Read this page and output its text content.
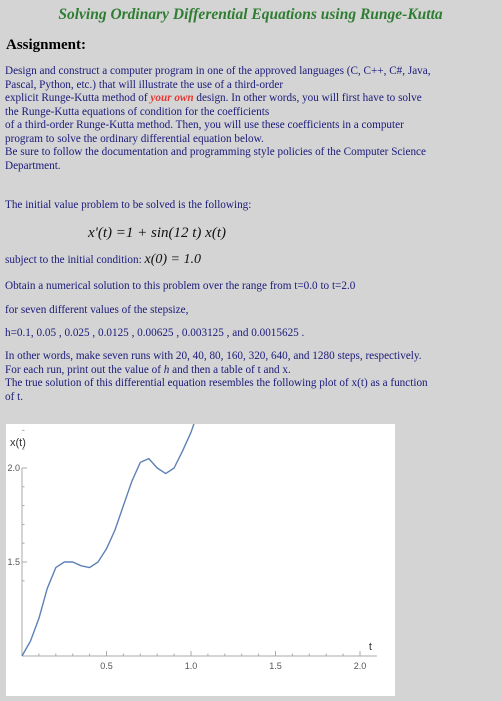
Solving Ordinary Differential Equations using Runge-Kutta
Assignment:
Design and construct a computer program in one of the approved languages (C, C++, C#, Java,
Pascal, Python, etc.) that will illustrate the use of a third-order
explicit Runge-Kutta method of your own design. In other words, you will first have to solve
the Runge-Kutta equations of condition for the coefficients
of a third-order Runge-Kutta method. Then, you will use these coefficients in a computer
program to solve the ordinary differential equation below.
Be sure to follow the documentation and programming style policies of the Computer Science
Department.
The initial value problem to be solved is the following:
x'(t) =1 + sin(12 t) x(t)
subject to the initial condition: x(0) = 1.0
Obtain a numerical solution to this problem over the range from t=0.0 to t=2.0
for seven different values of the stepsize,
h=0.1, 0.05 , 0.025 , 0.0125 , 0.00625 , 0.003125 , and 0.0015625 .
In other words, make seven runs with 20, 40, 80, 160, 320, 640, and 1280 steps, respectively.
For each run, print out the value of h and then a table of t and x.
The true solution of this differential equation resembles the following plot of x(t) as a function
of t.
0.5	1.0	1.5	2.0
1.5
2.0
x(t)
t
